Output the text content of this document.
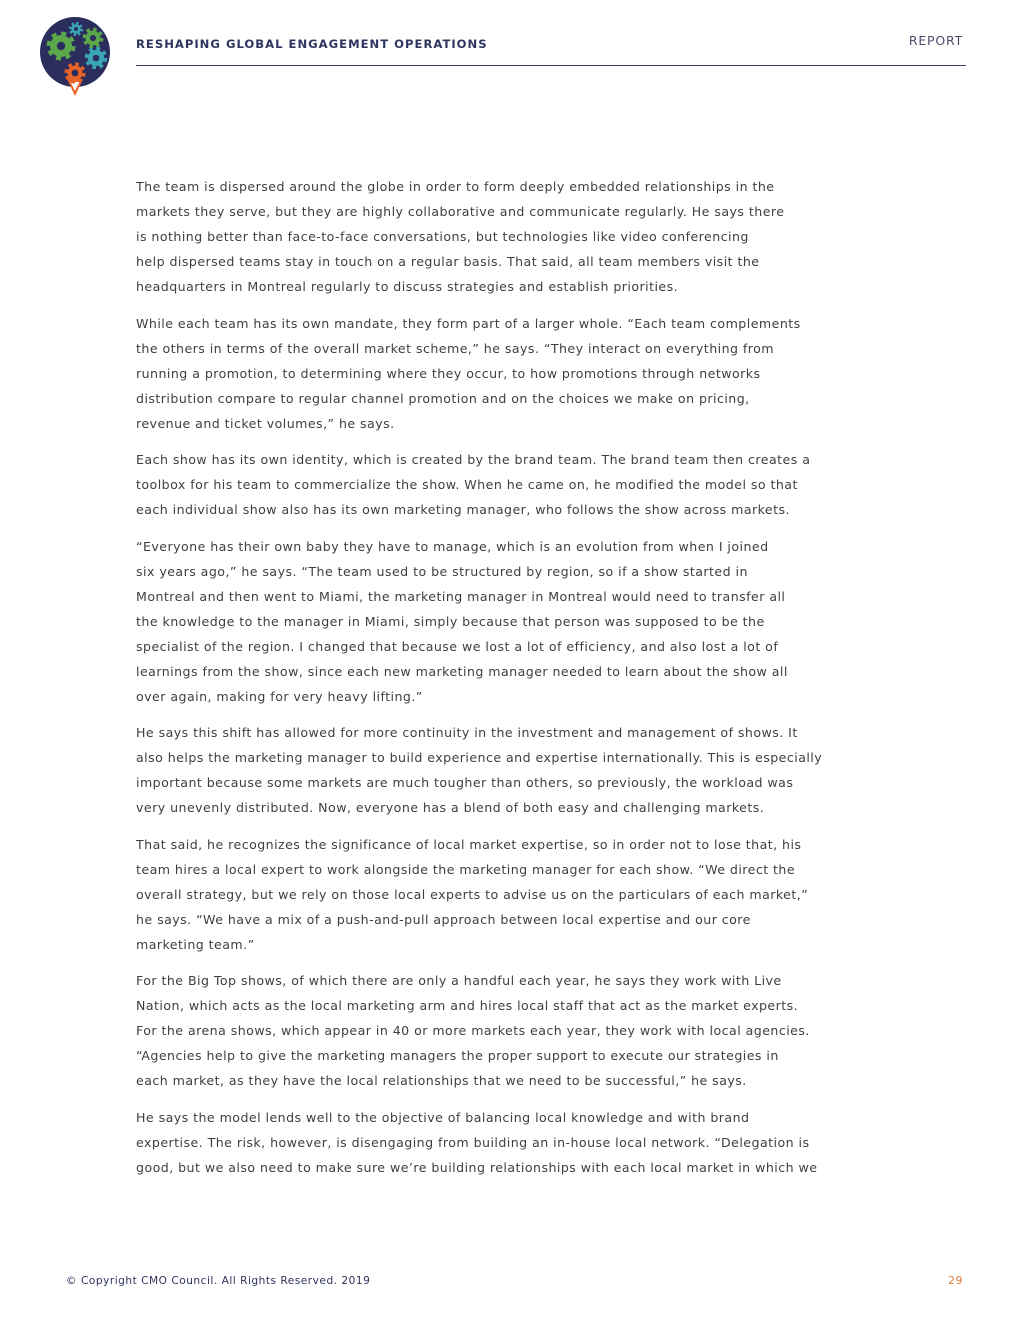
RESHAPING GLOBAL ENGAGEMENT OPERATIONS	REPORT
The team is dispersed around the globe in order to form deeply embedded relationships in the
markets they serve, but they are highly collaborative and communicate regularly. He says there
is nothing better than face-to-face conversations, but technologies like video conferencing
help dispersed teams stay in touch on a regular basis. That said, all team members visit the
headquarters in Montreal regularly to discuss strategies and establish priorities.
While each team has its own mandate, they form part of a larger whole. “Each team complements
the others in terms of the overall market scheme,” he says. “They interact on everything from
running a promotion, to determining where they occur, to how promotions through networks
distribution compare to regular channel promotion and on the choices we make on pricing,
revenue and ticket volumes,” he says.
Each show has its own identity, which is created by the brand team. The brand team then creates a
toolbox for his team to commercialize the show. When he came on, he modified the model so that
each individual show also has its own marketing manager, who follows the show across markets.
“Everyone has their own baby they have to manage, which is an evolution from when I joined
six years ago,” he says. “The team used to be structured by region, so if a show started in
Montreal and then went to Miami, the marketing manager in Montreal would need to transfer all
the knowledge to the manager in Miami, simply because that person was supposed to be the
specialist of the region. I changed that because we lost a lot of efficiency, and also lost a lot of
learnings from the show, since each new marketing manager needed to learn about the show all
over again, making for very heavy lifting.”
He says this shift has allowed for more continuity in the investment and management of shows. It
also helps the marketing manager to build experience and expertise internationally. This is especially
important because some markets are much tougher than others, so previously, the workload was
very unevenly distributed. Now, everyone has a blend of both easy and challenging markets.
That said, he recognizes the significance of local market expertise, so in order not to lose that, his
team hires a local expert to work alongside the marketing manager for each show. “We direct the
overall strategy, but we rely on those local experts to advise us on the particulars of each market,”
he says. “We have a mix of a push-and-pull approach between local expertise and our core
marketing team.”
For the Big Top shows, of which there are only a handful each year, he says they work with Live
Nation, which acts as the local marketing arm and hires local staff that act as the market experts.
For the arena shows, which appear in 40 or more markets each year, they work with local agencies.
“Agencies help to give the marketing managers the proper support to execute our strategies in
each market, as they have the local relationships that we need to be successful,” he says.
He says the model lends well to the objective of balancing local knowledge and with brand
expertise. The risk, however, is disengaging from building an in-house local network. “Delegation is
good, but we also need to make sure we’re building relationships with each local market in which we
© Copyright CMO Council. All Rights Reserved. 2019	29
